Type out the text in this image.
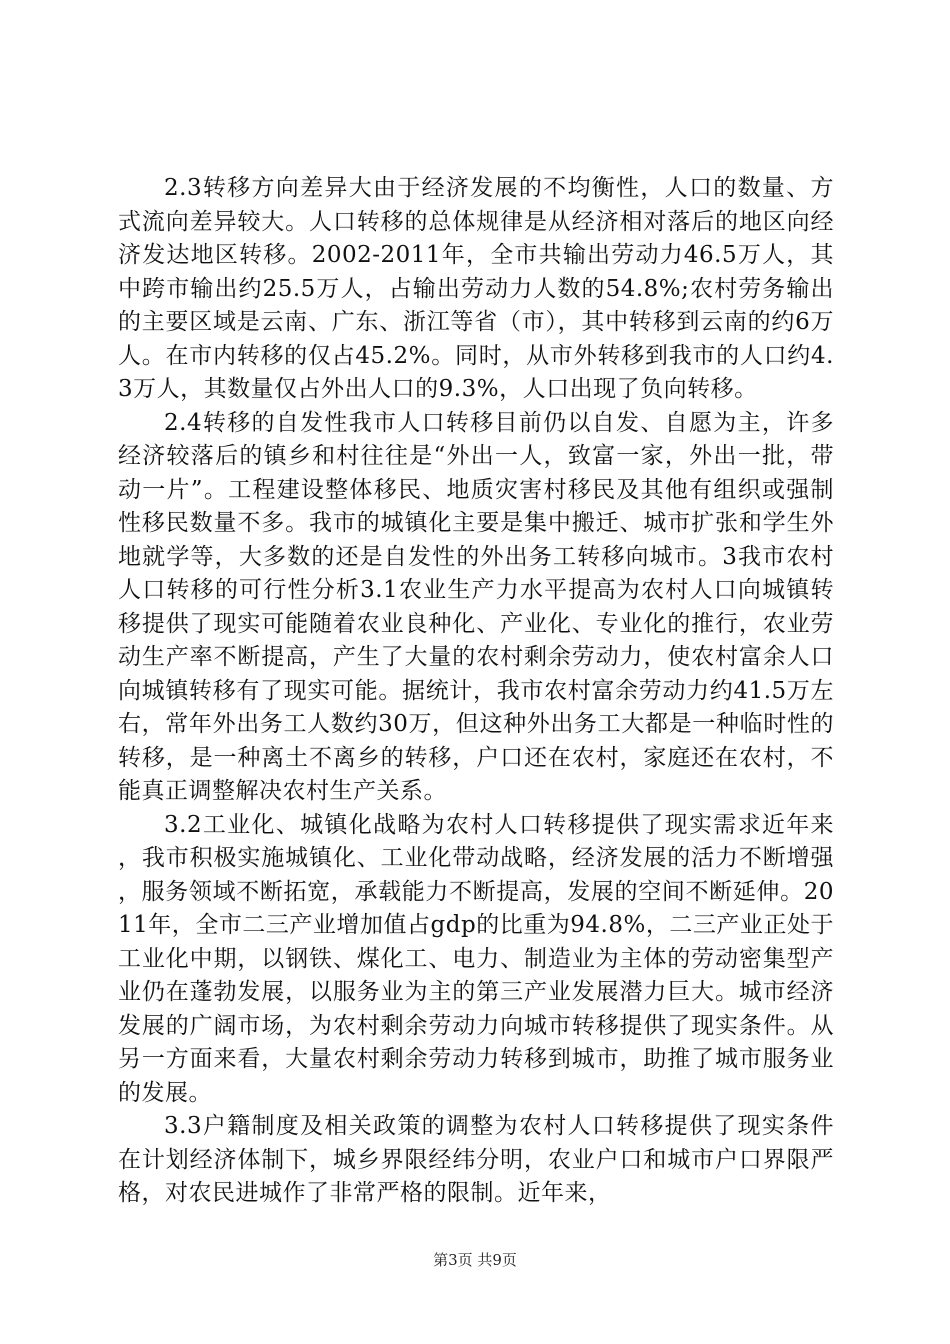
2.3转移方向差异大由于经济发展的不均衡性，人口的数量、方式流向差异较大。人口转移的总体规律是从经济相对落后的地区向经济发达地区转移。2002-2011年，全市共输出劳动力46.5万人，其中跨市输出约25.5万人，占输出劳动力人数的54.8%;农村劳务输出的主要区域是云南、广东、浙江等省（市），其中转移到云南的约6万人。在市内转移的仅占45.2%。同时，从市外转移到我市的人口约4.3万人，其数量仅占外出人口的9.3%，人口出现了负向转移。

2.4转移的自发性我市人口转移目前仍以自发、自愿为主，许多经济较落后的镇乡和村往往是“外出一人，致富一家，外出一批，带动一片”。工程建设整体移民、地质灾害村移民及其他有组织或强制性移民数量不多。我市的城镇化主要是集中搬迁、城市扩张和学生外地就学等，大多数的还是自发性的外出务工转移向城市。3我市农村人口转移的可行性分析3.1农业生产力水平提高为农村人口向城镇转移提供了现实可能随着农业良种化、产业化、专业化的推行，农业劳动生产率不断提高，产生了大量的农村剩余劳动力，使农村富余人口向城镇转移有了现实可能。据统计，我市农村富余劳动力约41.5万左右，常年外出务工人数约30万，但这种外出务工大都是一种临时性的转移，是一种离土不离乡的转移，户口还在农村，家庭还在农村，不能真正调整解决农村生产关系。

3.2工业化、城镇化战略为农村人口转移提供了现实需求近年来，我市积极实施城镇化、工业化带动战略，经济发展的活力不断增强，服务领域不断拓宽，承载能力不断提高，发展的空间不断延伸。2011年，全市二三产业增加值占gdp的比重为94.8%，二三产业正处于工业化中期，以钢铁、煤化工、电力、制造业为主体的劳动密集型产业仍在蓬勃发展，以服务业为主的第三产业发展潜力巨大。城市经济发展的广阔市场，为农村剩余劳动力向城市转移提供了现实条件。从另一方面来看，大量农村剩余劳动力转移到城市，助推了城市服务业的发展。

3.3户籍制度及相关政策的调整为农村人口转移提供了现实条件在计划经济体制下，城乡界限经纬分明，农业户口和城市户口界限严格，对农民进城作了非常严格的限制。近年来，

第3页 共9页
